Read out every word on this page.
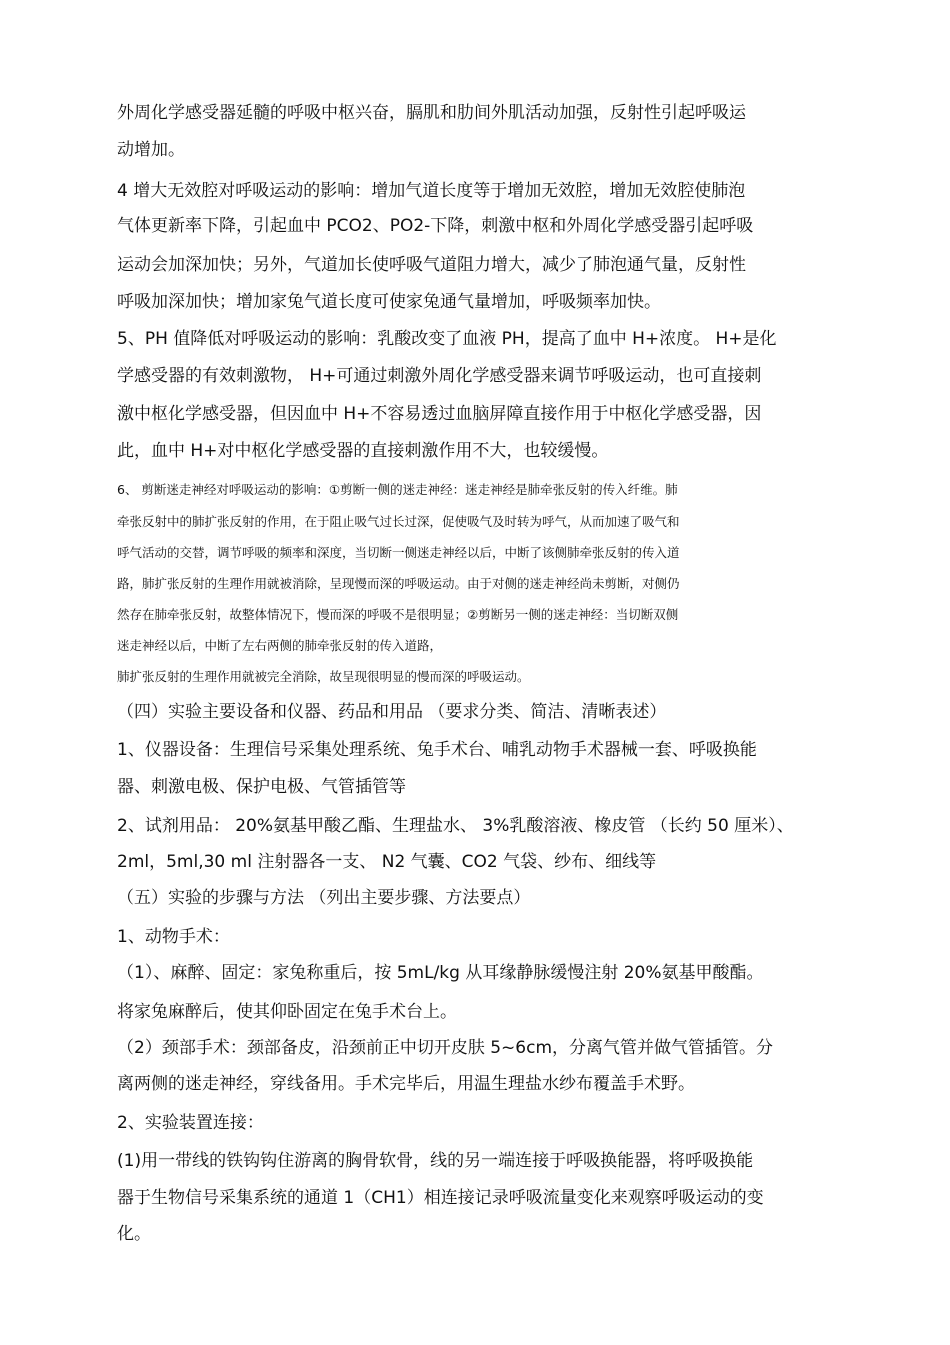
外周化学感受器延髓的呼吸中枢兴奋，膈肌和肋间外肌活动加强，反射性引起呼吸运
动增加。
4 增大无效腔对呼吸运动的影响：增加气道长度等于增加无效腔，增加无效腔使肺泡
气体更新率下降，引起血中 PCO2、PO2-下降，刺激中枢和外周化学感受器引起呼吸
运动会加深加快；另外，气道加长使呼吸气道阻力增大，减少了肺泡通气量，反射性
呼吸加深加快；增加家兔气道长度可使家兔通气量增加，呼吸频率加快。
5、PH 值降低对呼吸运动的影响：乳酸改变了血液 PH，提高了血中 H+浓度。 H+是化
学感受器的有效刺激物， H+可通过刺激外周化学感受器来调节呼吸运动，也可直接刺
激中枢化学感受器，但因血中 H+不容易透过血脑屏障直接作用于中枢化学感受器，因
此，血中 H+对中枢化学感受器的直接刺激作用不大，也较缓慢。
6、 剪断迷走神经对呼吸运动的影响：①剪断一侧的迷走神经：迷走神经是肺牵张反射的传入纤维。肺
牵张反射中的肺扩张反射的作用，在于阻止吸气过长过深，促使吸气及时转为呼气，从而加速了吸气和
呼气活动的交替，调节呼吸的频率和深度，当切断一侧迷走神经以后，中断了该侧肺牵张反射的传入道
路，肺扩张反射的生理作用就被消除，呈现慢而深的呼吸运动。由于对侧的迷走神经尚未剪断，对侧仍
然存在肺牵张反射，故整体情况下，慢而深的呼吸不是很明显；②剪断另一侧的迷走神经：当切断双侧
迷走神经以后，中断了左右两侧的肺牵张反射的传入道路，
肺扩张反射的生理作用就被完全消除，故呈现很明显的慢而深的呼吸运动。
（四）实验主要设备和仪器、药品和用品 （要求分类、简洁、清晰表述）
1、仪器设备：生理信号采集处理系统、兔手术台、哺乳动物手术器械一套、呼吸换能
器、刺激电极、保护电极、气管插管等
2、试剂用品： 20%氨基甲酸乙酯、生理盐水、 3%乳酸溶液、橡皮管 （长约 50 厘米）、
2ml，5ml,30 ml 注射器各一支、 N2 气囊、CO2 气袋、纱布、细线等
（五）实验的步骤与方法 （列出主要步骤、方法要点）
1、动物手术：
（1）、麻醉、固定：家兔称重后，按 5mL/kg 从耳缘静脉缓慢注射 20%氨基甲酸酯。
将家兔麻醉后，使其仰卧固定在兔手术台上。
（2）颈部手术：颈部备皮，沿颈前正中切开皮肤 5~6cm，分离气管并做气管插管。分
离两侧的迷走神经，穿线备用。手术完毕后，用温生理盐水纱布覆盖手术野。
2、实验装置连接：
(1)用一带线的铁钩钩住游离的胸骨软骨，线的另一端连接于呼吸换能器，将呼吸换能
器于生物信号采集系统的通道 1（CH1）相连接记录呼吸流量变化来观察呼吸运动的变
化。
